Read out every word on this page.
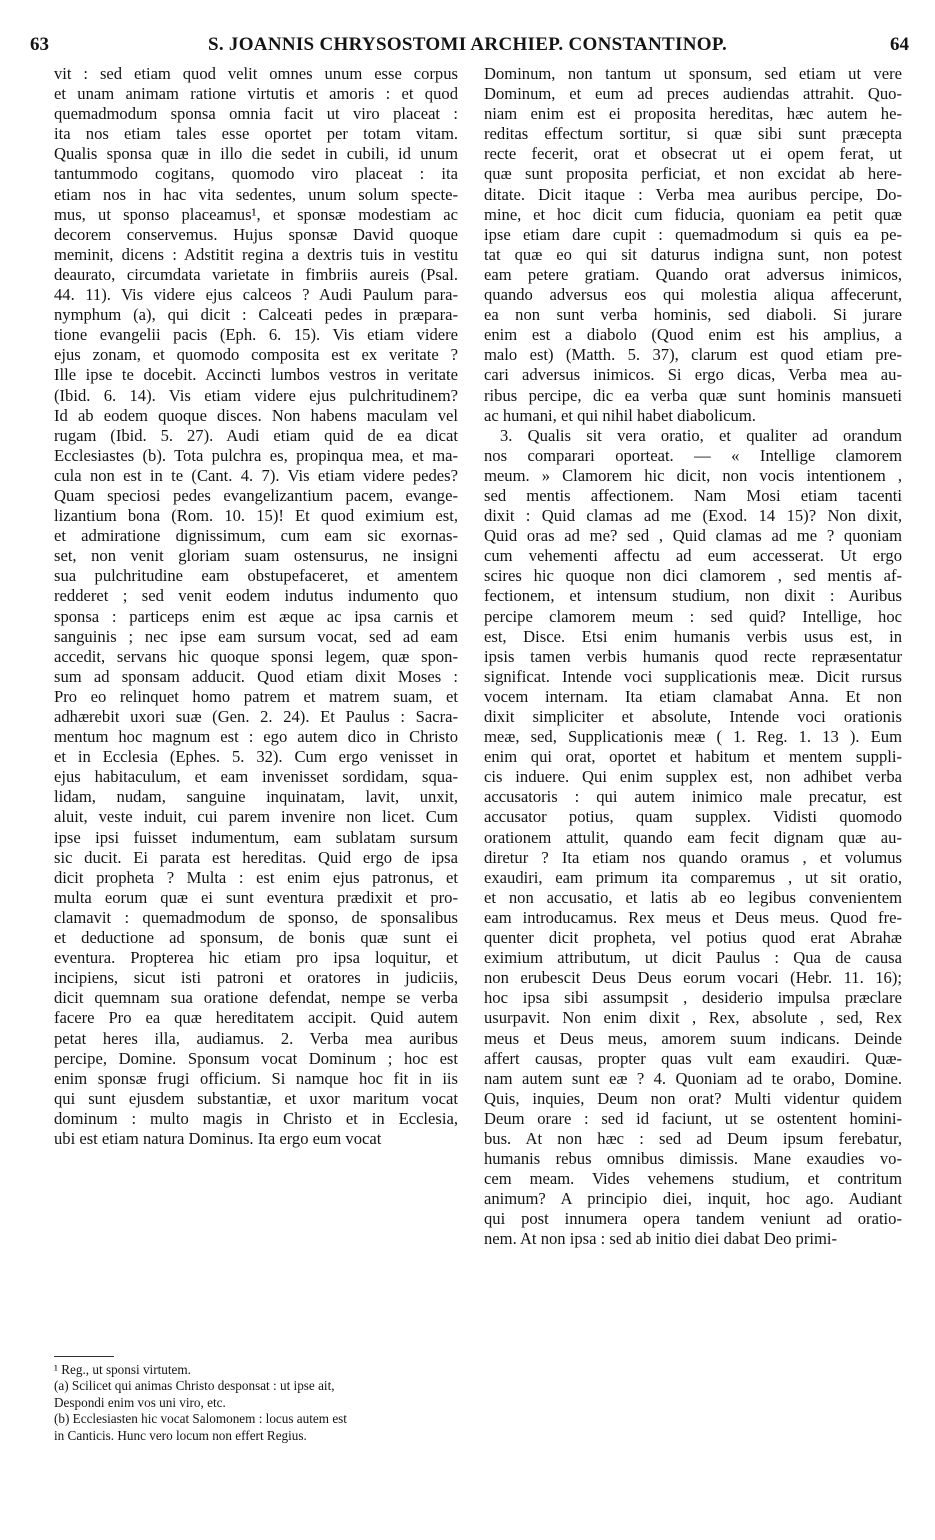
63	S. JOANNIS CHRYSOSTOMI ARCHIEP. CONSTANTINOP.	64
vit : sed etiam quod velit omnes unum esse corpus
et unam animam ratione virtutis et amoris : et quod
quemadmodum sponsa omnia facit ut viro placeat :
ita nos etiam tales esse oportet per totam vitam.
Qualis sponsa quæ in illo die sedet in cubili, id unum
tantummodo cogitans, quomodo viro placeat : ita
etiam nos in hac vita sedentes, unum solum specte-
mus, ut sponso placeamus¹, et sponsæ modestiam ac
decorem conservemus. Hujus sponsæ David quoque
meminit, dicens : Adstitit regina a dextris tuis in vestitu
deaurato, circumdata varietate in fimbriis aureis (Psal.
44. 11). Vis videre ejus calceos ? Audi Paulum para-
nymphum (a), qui dicit : Calceati pedes in præpara-
tione evangelii pacis (Eph. 6. 15). Vis etiam videre
ejus zonam, et quomodo composita est ex veritate ?
Ille ipse te docebit. Accincti lumbos vestros in veritate
(Ibid. 6. 14). Vis etiam videre ejus pulchritudinem?
Id ab eodem quoque disces. Non habens maculam vel
rugam (Ibid. 5. 27). Audi etiam quid de ea dicat
Ecclesiastes (b). Tota pulchra es, propinqua mea, et ma-
cula non est in te (Cant. 4. 7). Vis etiam videre pedes?
Quam speciosi pedes evangelizantium pacem, evange-
lizantium bona (Rom. 10. 15)! Et quod eximium est,
et admiratione dignissimum, cum eam sic exornas-
set, non venit gloriam suam ostensurus, ne insigni
sua pulchritudine eam obstupefaceret, et amentem
redderet ; sed venit eodem indutus indumento quo
sponsa : particeps enim est æque ac ipsa carnis et
sanguinis ; nec ipse eam sursum vocat, sed ad eam
accedit, servans hic quoque sponsi legem, quæ spon-
sum ad sponsam adducit. Quod etiam dixit Moses :
Pro eo relinquet homo patrem et matrem suam, et
adhærebit uxori suæ (Gen. 2. 24). Et Paulus : Sacra-
mentum hoc magnum est : ego autem dico in Christo
et in Ecclesia (Ephes. 5. 32). Cum ergo venisset in
ejus habitaculum, et eam invenisset sordidam, squa-
lidam, nudam, sanguine inquinatam, lavit, unxit,
aluit, veste induit, cui parem invenire non licet. Cum
ipse ipsi fuisset indumentum, eam sublatam sursum
sic ducit. Ei parata est hereditas. Quid ergo de ipsa
dicit propheta ? Multa : est enim ejus patronus, et
multa eorum quæ ei sunt eventura prædixit et pro-
clamavit : quemadmodum de sponso, de sponsalibus
et deductione ad sponsum, de bonis quæ sunt ei
eventura. Propterea hic etiam pro ipsa loquitur, et
incipiens, sicut isti patroni et oratores in judiciis,
dicit quemnam sua oratione defendat, nempe se verba
facere Pro ea quæ hereditatem accipit. Quid autem
petat heres illa, audiamus. 2. Verba mea auribus
percipe, Domine. Sponsum vocat Dominum ; hoc est
enim sponsæ frugi officium. Si namque hoc fit in iis
qui sunt ejusdem substantiæ, et uxor maritum vocat
dominum : multo magis in Christo et in Ecclesia,
ubi est etiam natura Dominus. Ita ergo eum vocat
Dominum, non tantum ut sponsum, sed etiam ut vere
Dominum, et eum ad preces audiendas attrahit. Quo-
niam enim est ei proposita hereditas, hæc autem he-
reditas effectum sortitur, si quæ sibi sunt præcepta
recte fecerit, orat et obsecrat ut ei opem ferat, ut
quæ sunt proposita perficiat, et non excidat ab here-
ditate. Dicit itaque : Verba mea auribus percipe, Do-
mine, et hoc dicit cum fiducia, quoniam ea petit quæ
ipse etiam dare cupit : quemadmodum si quis ea pe-
tat quæ eo qui sit daturus indigna sunt, non potest
eam petere gratiam. Quando orat adversus inimicos,
quando adversus eos qui molestia aliqua affecerunt,
ea non sunt verba hominis, sed diaboli. Si jurare
enim est a diabolo (Quod enim est his amplius, a
malo est) (Matth. 5. 37), clarum est quod etiam pre-
cari adversus inimicos. Si ergo dicas, Verba mea au-
ribus percipe, dic ea verba quæ sunt hominis mansueti
ac humani, et qui nihil habet diabolicum.
3. Qualis sit vera oratio, et qualiter ad orandum
nos comparari oporteat. — « Intellige clamorem
meum. » Clamorem hic dicit, non vocis intentionem ,
sed mentis affectionem. Nam Mosi etiam tacenti
dixit : Quid clamas ad me (Exod. 14 15)? Non dixit,
Quid oras ad me? sed , Quid clamas ad me ? quoniam
cum vehementi affectu ad eum accesserat. Ut ergo
scires hic quoque non dici clamorem , sed mentis af-
fectionem, et intensum studium, non dixit : Auribus
percipe clamorem meum : sed quid? Intellige, hoc
est, Disce. Etsi enim humanis verbis usus est, in
ipsis tamen verbis humanis quod recte repræsentatur
significat. Intende voci supplicationis meæ. Dicit rursus
vocem internam. Ita etiam clamabat Anna. Et non
dixit simpliciter et absolute, Intende voci orationis
meæ, sed, Supplicationis meæ ( 1. Reg. 1. 13 ). Eum
enim qui orat, oportet et habitum et mentem suppli-
cis induere. Qui enim supplex est, non adhibet verba
accusatoris : qui autem inimico male precatur, est
accusator potius, quam supplex. Vidisti quomodo
orationem attulit, quando eam fecit dignam quæ au-
diretur ? Ita etiam nos quando oramus , et volumus
exaudiri, eam primum ita comparemus , ut sit oratio,
et non accusatio, et latis ab eo legibus convenientem
eam introducamus. Rex meus et Deus meus. Quod fre-
quenter dicit propheta, vel potius quod erat Abrahæ
eximium attributum, ut dicit Paulus : Qua de causa
non erubescit Deus Deus eorum vocari (Hebr. 11. 16);
hoc ipsa sibi assumpsit , desiderio impulsa præclare
usurpavit. Non enim dixit , Rex, absolute , sed, Rex
meus et Deus meus, amorem suum indicans. Deinde
affert causas, propter quas vult eam exaudiri. Quæ-
nam autem sunt eæ ? 4. Quoniam ad te orabo, Domine.
Quis, inquies, Deum non orat? Multi videntur quidem
Deum orare : sed id faciunt, ut se ostentent homini-
bus. At non hæc : sed ad Deum ipsum ferebatur,
humanis rebus omnibus dimissis. Mane exaudies vo-
cem meam. Vides vehemens studium, et contritum
animum? A principio diei, inquit, hoc ago. Audiant
qui post innumera opera tandem veniunt ad oratio-
nem. At non ipsa : sed ab initio diei dabat Deo primi-
¹ Reg., ut sponsi virtutem.
(a) Scilicet qui animas Christo desponsat : ut ipse ait,
Despondi enim vos uni viro, etc.
(b) Ecclesiasten hic vocat Salomonem : locus autem est
in Canticis. Hunc vero locum non effert Regius.
